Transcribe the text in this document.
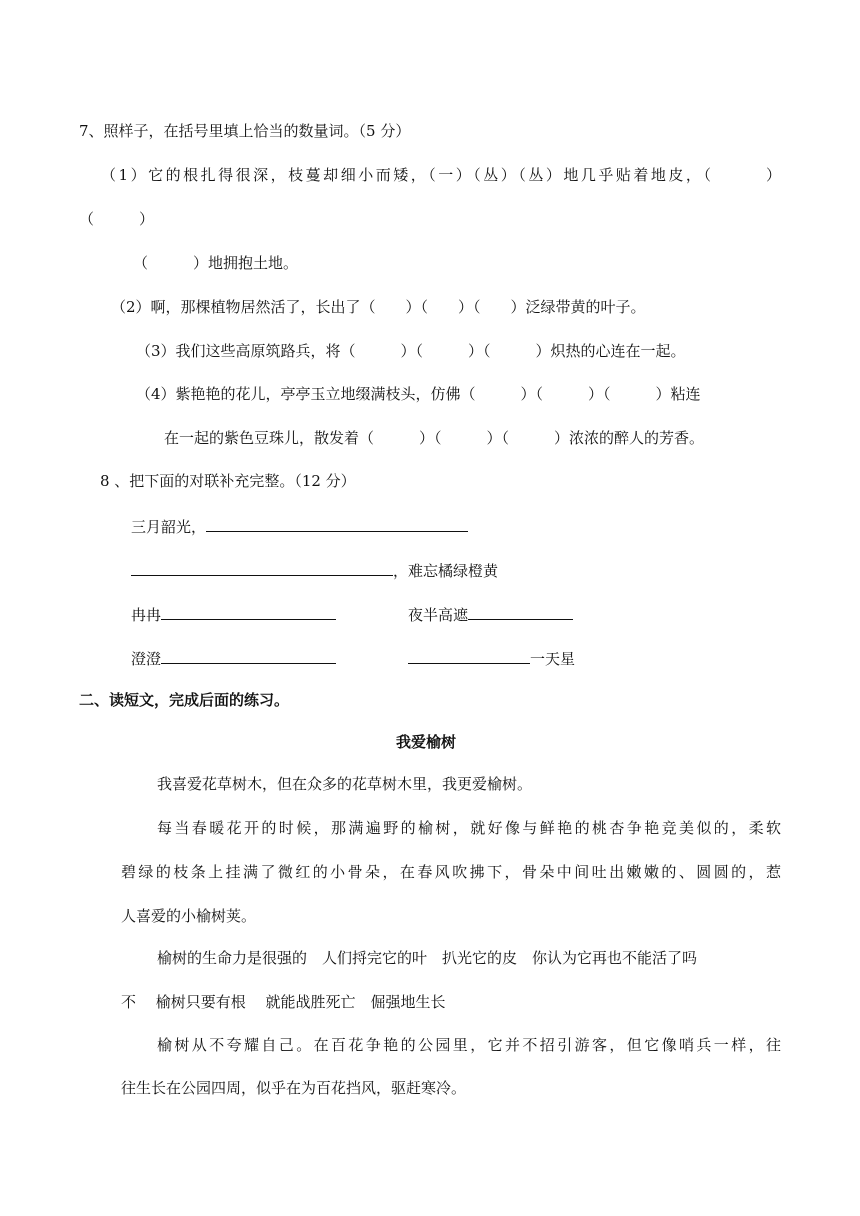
7、照样子，在括号里填上恰当的数量词。（5 分）
（1）它的根扎得很深，枝蔓却细小而矮，（一）（丛）（丛）地几乎贴着地皮，（　　　）
（　　　）
（　　　）地拥抱土地。
（2）啊，那棵植物居然活了，长出了（　　）（　　）（　　）泛绿带黄的叶子。
（3）我们这些高原筑路兵，将（　　　）（　　　）（　　　）炽热的心连在一起。
（4）紫艳艳的花儿，亭亭玉立地缀满枝头，仿佛（　　　）（　　　）（　　　）粘连
在一起的紫色豆珠儿，散发着（　　　）（　　　）（　　　）浓浓的醉人的芳香。
8 、把下面的对联补充完整。（12 分）
三月韶光，
，难忘橘绿橙黄
冉冉	夜半高遮
澄澄	一天星
二、读短文，完成后面的练习。
我爱榆树
我喜爱花草树木，但在众多的花草树木里，我更爱榆树。
每当春暖花开的时候，那满遍野的榆树，就好像与鲜艳的桃杏争艳竞美似的，柔软
碧绿的枝条上挂满了微红的小骨朵，在春风吹拂下，骨朵中间吐出嫩嫩的、圆圆的，惹
人喜爱的小榆树荚。
榆树的生命力是很强的　人们捋完它的叶　扒光它的皮　你认为它再也不能活了吗
不　 榆树只要有根　 就能战胜死亡　倔强地生长
榆树从不夸耀自己。在百花争艳的公园里，它并不招引游客，但它像哨兵一样，往
往生长在公园四周，似乎在为百花挡风，驱赶寒冷。
